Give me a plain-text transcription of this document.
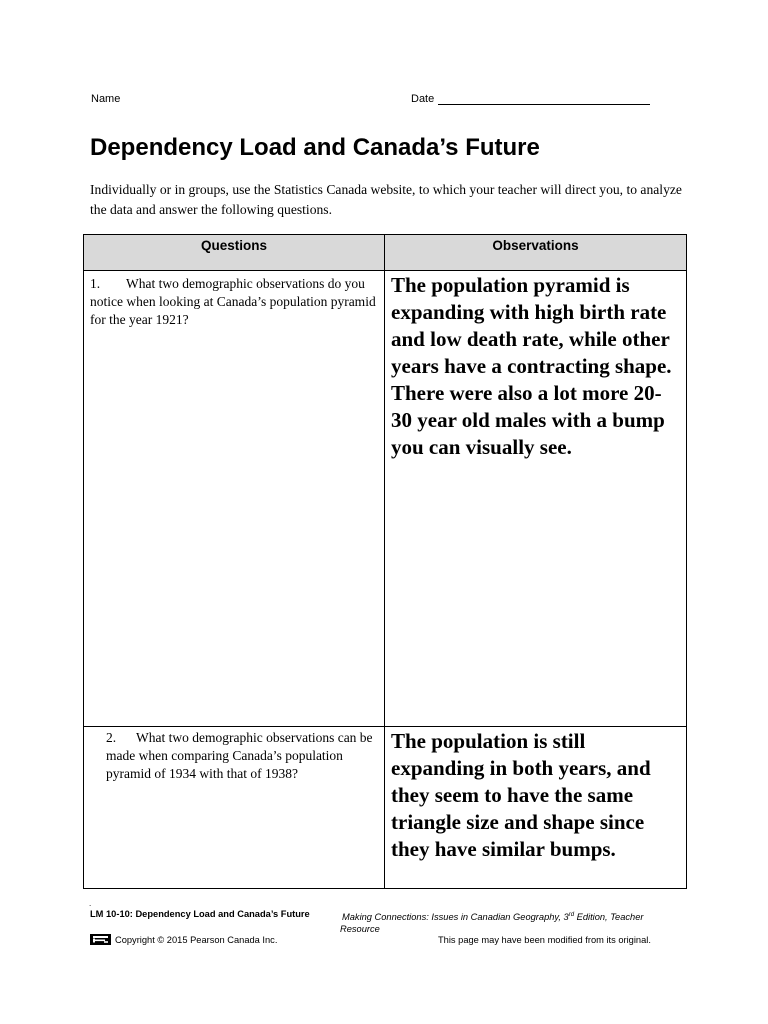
Name	Date
Dependency Load and Canada’s Future
Individually or in groups, use the Statistics Canada website, to which your teacher will direct you, to analyze the data and answer the following questions.
Questions	Observations

1. What two demographic observations do you notice when looking at Canada’s population pyramid for the year 1921?	The population pyramid is expanding with high birth rate and low death rate, while other years have a contracting shape. There were also a lot more 20-30 year old males with a bump you can visually see.

2. What two demographic observations can be made when comparing Canada’s population pyramid of 1934 with that of 1938?	The population is still expanding in both years, and they seem to have the same triangle size and shape since they have similar bumps.
.
LM 10-10: Dependency Load and Canada’s Future	Making Connections: Issues in Canadian Geography, 3rd Edition, Teacher Resource
Copyright © 2015 Pearson Canada Inc.	This page may have been modified from its original.
